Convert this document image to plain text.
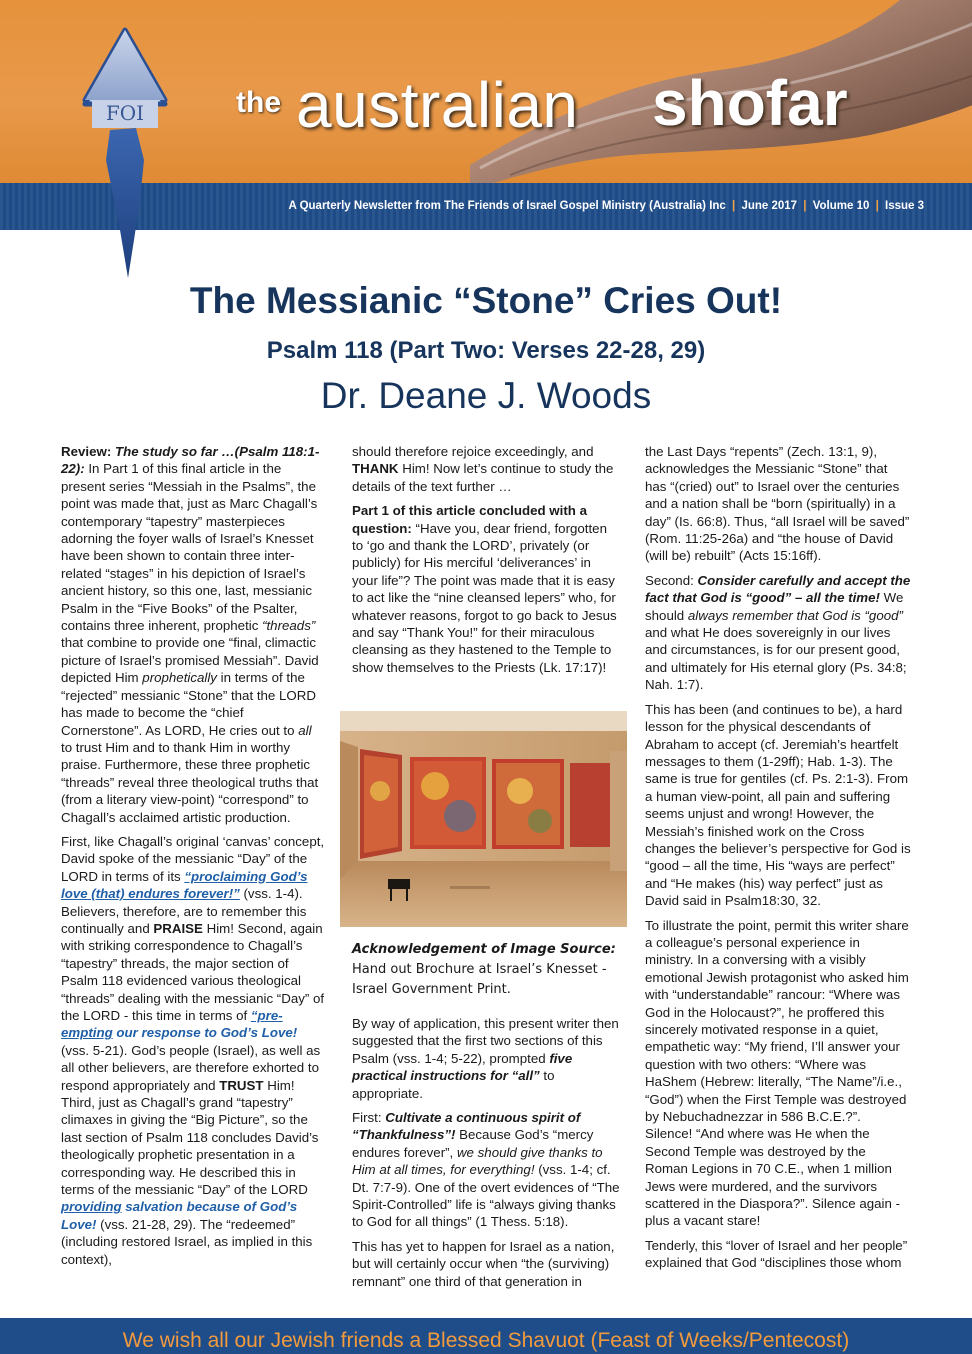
the australian shofar
A Quarterly Newsletter from The Friends of Israel Gospel Ministry (Australia) Inc | June 2017 | Volume 10 | Issue 3
FOI
The Messianic “Stone” Cries Out!
Psalm 118 (Part Two: Verses 22-28, 29)
Dr. Deane J. Woods

Review: The study so far …(Psalm 118:1-22): In Part 1 of this final article in the present series “Messiah in the Psalms”, the point was made that, just as Marc Chagall’s contemporary “tapestry” masterpieces adorning the foyer walls of Israel’s Knesset have been shown to contain three inter-related “stages” in his depiction of Israel’s ancient history, so this one, last, messianic Psalm in the “Five Books” of the Psalter, contains three inherent, prophetic “threads” that combine to provide one “final, climactic picture of Israel’s promised Messiah”. David depicted Him prophetically in terms of the “rejected” messianic “Stone” that the LORD has made to become the “chief Cornerstone”. As LORD, He cries out to all to trust Him and to thank Him in worthy praise. Furthermore, these three prophetic “threads” reveal three theological truths that (from a literary view-point) “correspond” to Chagall’s acclaimed artistic production.

First, like Chagall’s original ‘canvas’ concept, David spoke of the messianic “Day” of the LORD in terms of its “proclaiming God’s love (that) endures forever!” (vss. 1-4). Believers, therefore, are to remember this continually and PRAISE Him! Second, again with striking correspondence to Chagall’s “tapestry” threads, the major section of Psalm 118 evidenced various theological “threads” dealing with the messianic “Day” of the LORD - this time in terms of “pre-empting our response to God’s Love! (vss. 5-21). God’s people (Israel), as well as all other believers, are therefore exhorted to respond appropriately and TRUST Him! Third, just as Chagall’s grand “tapestry” climaxes in giving the “Big Picture”, so the last section of Psalm 118 concludes David’s theologically prophetic presentation in a corresponding way. He described this in terms of the messianic “Day” of the LORD providing salvation because of God’s Love! (vss. 21-28, 29). The “redeemed” (including restored Israel, as implied in this context),

should therefore rejoice exceedingly, and THANK Him! Now let’s continue to study the details of the text further …

Part 1 of this article concluded with a question: “Have you, dear friend, forgotten to ‘go and thank the LORD’, privately (or publicly) for His merciful ‘deliverances’ in your life”? The point was made that it is easy to act like the “nine cleansed lepers” who, for whatever reasons, forgot to go back to Jesus and say “Thank You!” for their miraculous cleansing as they hastened to the Temple to show themselves to the Priests (Lk. 17:17)!

Acknowledgement of Image Source:
Hand out Brochure at Israel’s Knesset - Israel Government Print.

By way of application, this present writer then suggested that the first two sections of this Psalm (vss. 1-4; 5-22), prompted five practical instructions for “all” to appropriate.

First: Cultivate a continuous spirit of “Thankfulness”! Because God’s “mercy endures forever”, we should give thanks to Him at all times, for everything! (vss. 1-4; cf. Dt. 7:7-9). One of the overt evidences of “The Spirit-Controlled” life is “always giving thanks to God for all things” (1 Thess. 5:18).

This has yet to happen for Israel as a nation, but will certainly occur when “the (surviving) remnant” one third of that generation in

the Last Days “repents” (Zech. 13:1, 9), acknowledges the Messianic “Stone” that has “(cried) out” to Israel over the centuries and a nation shall be “born (spiritually) in a day” (Is. 66:8). Thus, “all Israel will be saved” (Rom. 11:25-26a) and “the house of David (will be) rebuilt” (Acts 15:16ff).

Second: Consider carefully and accept the fact that God is “good” – all the time! We should always remember that God is “good” and what He does sovereignly in our lives and circumstances, is for our present good, and ultimately for His eternal glory (Ps. 34:8; Nah. 1:7).

This has been (and continues to be), a hard lesson for the physical descendants of Abraham to accept (cf. Jeremiah’s heartfelt messages to them (1-29ff); Hab. 1-3). The same is true for gentiles (cf. Ps. 2:1-3). From a human view-point, all pain and suffering seems unjust and wrong! However, the Messiah’s finished work on the Cross changes the believer’s perspective for God is “good – all the time, His “ways are perfect” and “He makes (his) way perfect” just as David said in Psalm18:30, 32.

To illustrate the point, permit this writer share a colleague’s personal experience in ministry. In a conversing with a visibly emotional Jewish protagonist who asked him with “understandable” rancour: “Where was God in the Holocaust?”, he proffered this sincerely motivated response in a quiet, empathetic way: “My friend, I’ll answer your question with two others: “Where was HaShem (Hebrew: literally, “The Name”/i.e., “God”) when the First Temple was destroyed by Nebuchadnezzar in 586 B.C.E.?”. Silence! “And where was He when the Second Temple was destroyed by the Roman Legions in 70 C.E., when 1 million Jews were murdered, and the survivors scattered in the Diaspora?”. Silence again - plus a vacant stare!

Tenderly, this “lover of Israel and her people” explained that God “disciplines those whom

We wish all our Jewish friends a Blessed Shavuot (Feast of Weeks/Pentecost)
